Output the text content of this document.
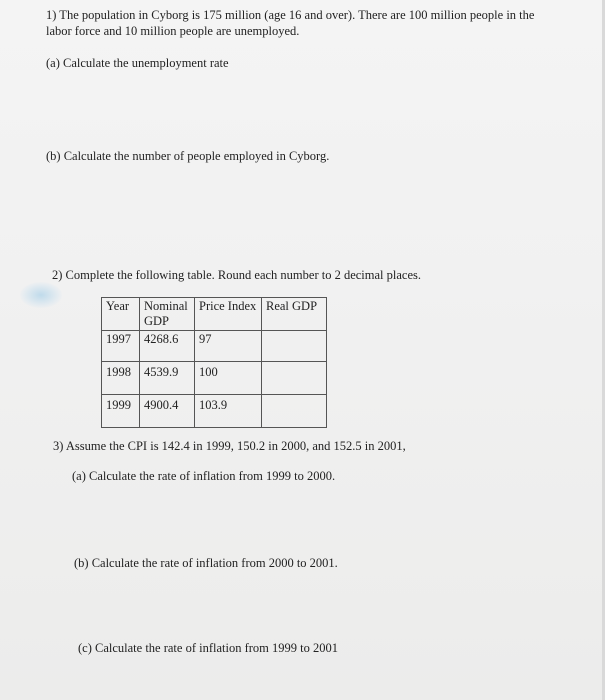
1) The population in Cyborg is 175 million (age 16 and over). There are 100 million people in the
labor force and 10 million people are unemployed.
(a) Calculate the unemployment rate
(b) Calculate the number of people employed in Cyborg.
2) Complete the following table. Round each number to 2 decimal places.
Year	Nominal GDP	Price Index	Real GDP
1997	4268.6	97	
1998	4539.9	100	
1999	4900.4	103.9	
3) Assume the CPI is 142.4 in 1999, 150.2 in 2000, and 152.5 in 2001,
(a) Calculate the rate of inflation from 1999 to 2000.
(b) Calculate the rate of inflation from 2000 to 2001.
(c) Calculate the rate of inflation from 1999 to 2001
